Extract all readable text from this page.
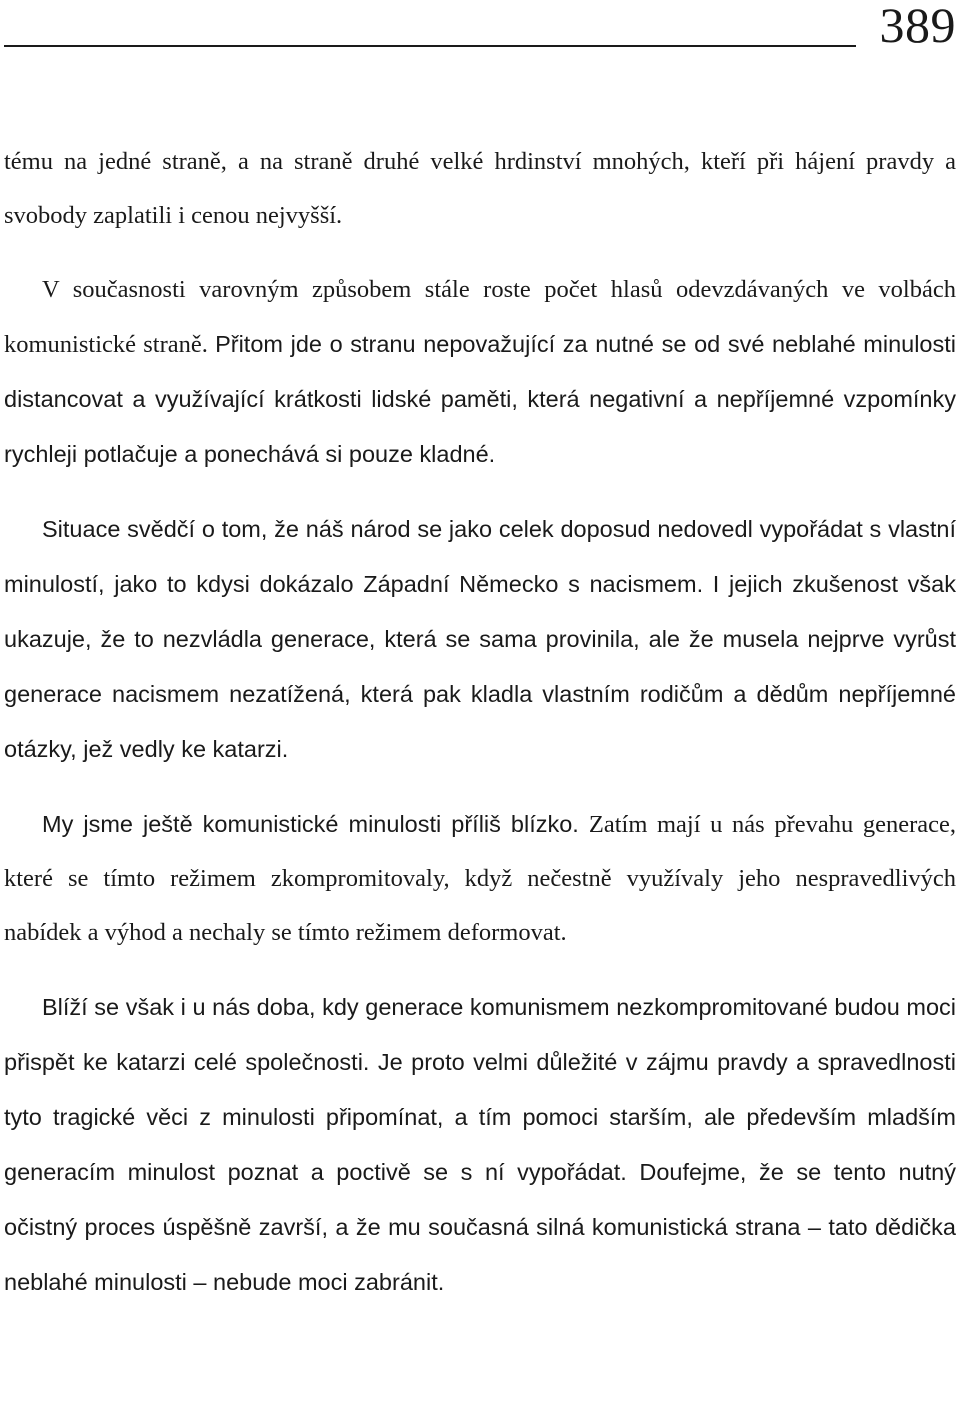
389

tému na jedné straně, a na straně druhé velké hrdinství mnohých, kteří při hájení pravdy a svobody zaplatili i cenou nejvyšší.

V současnosti varovným způsobem stále roste počet hlasů odevzdávaných ve volbách komunistické straně. Přitom jde o stranu nepovažující za nutné se od své neblahé minulosti distancovat a využívající krátkosti lidské paměti, která negativní a nepříjemné vzpomínky rychleji potlačuje a ponechává si pouze kladné.

Situace svědčí o tom, že náš národ se jako celek doposud nedovedl vypořádat s vlastní minulostí, jako to kdysi dokázalo Západní Německo s nacismem. I jejich zkušenost však ukazuje, že to nezvládla generace, která se sama provinila, ale že musela nejprve vyrůst generace nacismem nezatížená, která pak kladla vlastním rodičům a dědům nepříjemné otázky, jež vedly ke katarzi.

My jsme ještě komunistické minulosti příliš blízko. Zatím mají u nás převahu generace, které se tímto režimem zkompromitovaly, když nečestně využívaly jeho nespravedlivých nabídek a výhod a nechaly se tímto režimem deformovat.

Blíží se však i u nás doba, kdy generace komunismem nezkompromitované budou moci přispět ke katarzi celé společnosti. Je proto velmi důležité v zájmu pravdy a spravedlnosti tyto tragické věci z minulosti připomínat, a tím pomoci starším, ale především mladším generacím minulost poznat a poctivě se s ní vypořádat. Doufejme, že se tento nutný očistný proces úspěšně završí, a že mu současná silná komunistická strana – tato dědička neblahé minulosti – nebude moci zabránit.
